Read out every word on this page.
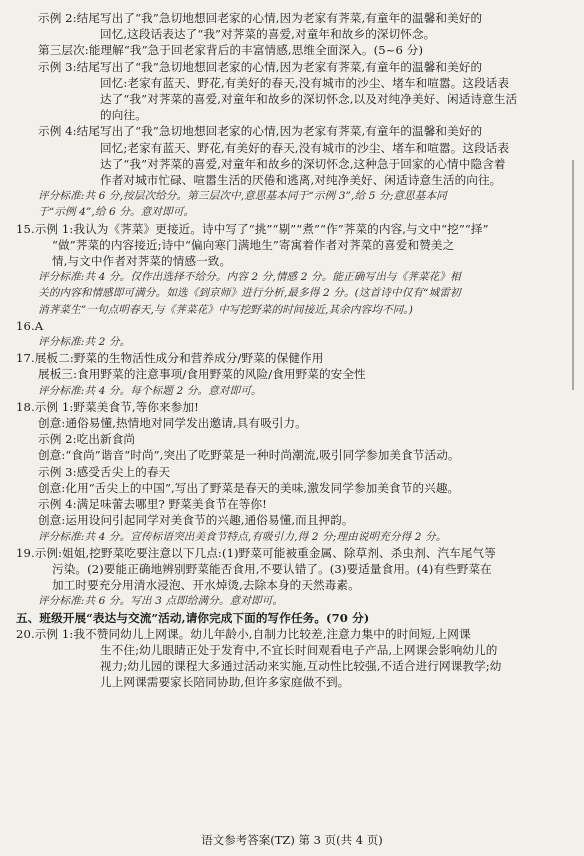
示例 2:结尾写出了“我”急切地想回老家的心情,因为老家有荠菜,有童年的温馨和美好的
回忆,这段话表达了“我”对荠菜的喜爱,对童年和故乡的深切怀念。
第三层次:能理解“我”急于回老家背后的丰富情感,思维全面深入。(5~6 分)
示例 3:结尾写出了“我”急切地想回老家的心情,因为老家有荠菜,有童年的温馨和美好的
回忆:老家有蓝天、野花,有美好的春天,没有城市的沙尘、堵车和喧嚣。这段话表
达了“我”对荠菜的喜爱,对童年和故乡的深切怀念,以及对纯净美好、闲适诗意生活
的向往。
示例 4:结尾写出了“我”急切地想回老家的心情,因为老家有荠菜,有童年的温馨和美好的
回忆;老家有蓝天、野花,有美好的春天,没有城市的沙尘、堵车和喧嚣。这段话表
达了“我”对荠菜的喜爱,对童年和故乡的深切怀念,这种急于回家的心情中隐含着
作者对城市忙碌、喧嚣生活的厌倦和逃离,对纯净美好、闲适诗意生活的向往。
评分标准:共 6 分,按层次给分。第三层次中,意思基本同于“示例 3”,给 5 分;意思基本同
于“示例 4”,给 6 分。意对即可。
15.示例 1:我认为《荠菜》更接近。诗中写了“挑”“剔”“煮”“作”荠菜的内容,与文中“挖”“择”
“做”荠菜的内容接近;诗中“偏向寒门满地生”寄寓着作者对荠菜的喜爱和赞美之
情,与文中作者对荠菜的情感一致。
评分标准:共 4 分。仅作出选择不给分。内容 2 分,情感 2 分。能正确写出与《荠菜花》相
关的内容和情感即可满分。如选《到京师》进行分析,最多得 2 分。(这首诗中仅有“城雷初
消荠菜生”一句点明春天,与《荠菜花》中写挖野菜的时间接近,其余内容均不同。)
16.A
评分标准:共 2 分。
17.展板二:野菜的生物活性成分和营养成分/野菜的保健作用
展板三:食用野菜的注意事项/食用野菜的风险/食用野菜的安全性
评分标准:共 4 分。每个标题 2 分。意对即可。
18.示例 1:野菜美食节,等你来参加!
创意:通俗易懂,热情地对同学发出邀请,具有吸引力。
示例 2:吃出新食尚
创意:“食尚”谐音“时尚”,突出了吃野菜是一种时尚潮流,吸引同学参加美食节活动。
示例 3:感受舌尖上的春天
创意:化用“舌尖上的中国”,写出了野菜是春天的美味,激发同学参加美食节的兴趣。
示例 4:满足味蕾去哪里? 野菜美食节在等你!
创意:运用设问引起同学对美食节的兴趣,通俗易懂,而且押韵。
评分标准:共 4 分。宣传标语突出美食节特点,有吸引力,得 2 分;理由说明充分得 2 分。
19.示例:姐姐,挖野菜吃要注意以下几点:(1)野菜可能被重金属、除草剂、杀虫剂、汽车尾气等
污染。(2)要能正确地辨别野菜能否食用,不要认错了。(3)要适量食用。(4)有些野菜在
加工时要充分用清水浸泡、开水焯烫,去除本身的天然毒素。
评分标准:共 6 分。写出 3 点即给满分。意对即可。
五、班级开展“表达与交流”活动,请你完成下面的写作任务。(70 分)
20.示例 1:我不赞同幼儿上网课。幼儿年龄小,自制力比较差,注意力集中的时间短,上网课
生不住;幼儿眼睛正处于发育中,不宜长时间观看电子产品,上网课会影响幼儿的
视力;幼儿园的课程大多通过活动来实施,互动性比较强,不适合进行网课教学;幼
儿上网课需要家长陪同协助,但许多家庭做不到。
语文参考答案(TZ) 第 3 页(共 4 页)
